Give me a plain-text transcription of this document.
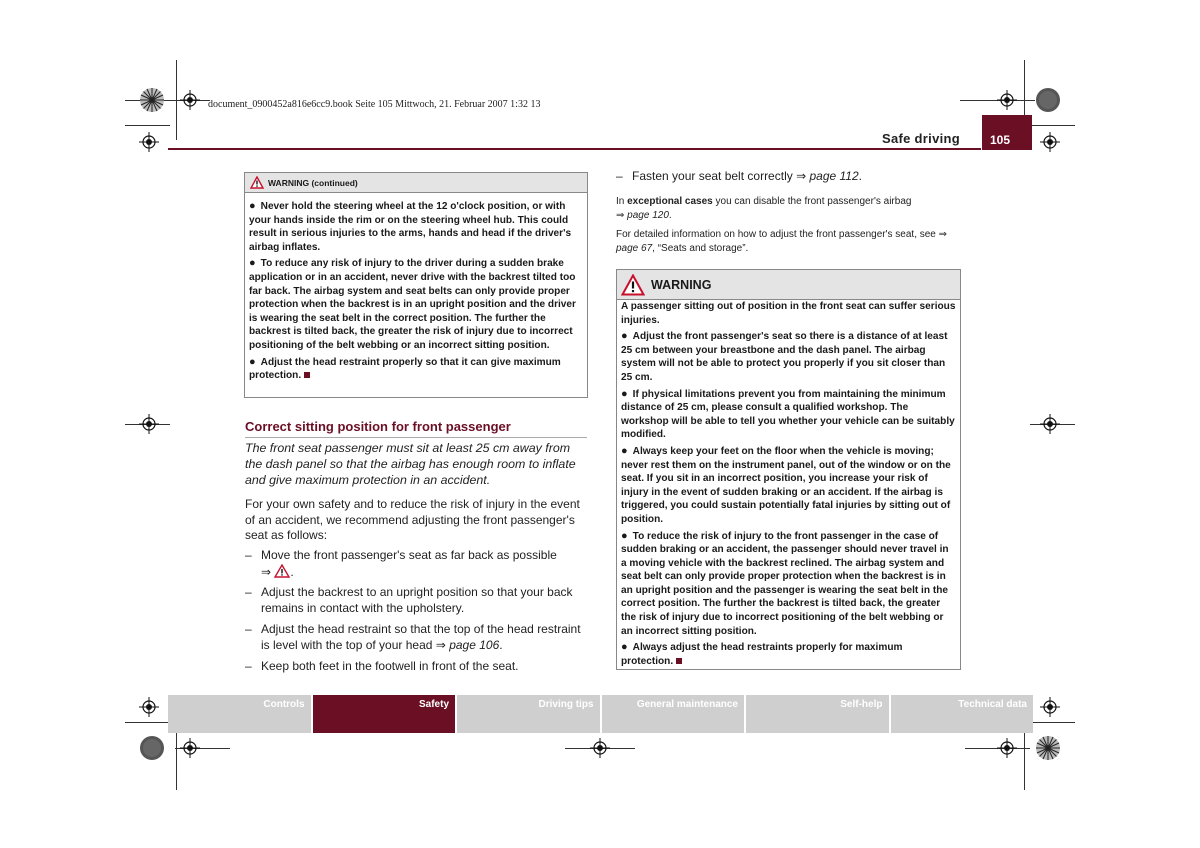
document_0900452a816e6cc9.book Seite 105 Mittwoch, 21. Februar 2007 1:32 13
Safe driving	105
WARNING (continued)

● Never hold the steering wheel at the 12 o'clock position, or with your hands inside the rim or on the steering wheel hub. This could result in serious injuries to the arms, hands and head if the driver's airbag inflates.

● To reduce any risk of injury to the driver during a sudden brake application or in an accident, never drive with the backrest tilted too far back. The airbag system and seat belts can only provide proper protection when the backrest is in an upright position and the driver is wearing the seat belt in the correct position. The further the backrest is tilted back, the greater the risk of injury due to incorrect positioning of the belt webbing or an incorrect sitting position.

● Adjust the head restraint properly so that it can give maximum protection.

Correct sitting position for front passenger
The front seat passenger must sit at least 25 cm away from the dash panel so that the airbag has enough room to inflate and give maximum protection in an accident.
For your own safety and to reduce the risk of injury in the event of an accident, we recommend adjusting the front passenger's seat as follows:
– Move the front passenger's seat as far back as possible
⇒ .
– Adjust the backrest to an upright position so that your back remains in contact with the upholstery.
– Adjust the head restraint so that the top of the head restraint is level with the top of your head ⇒ page 106.
– Keep both feet in the footwell in front of the seat.
– Fasten your seat belt correctly ⇒ page 112.
In exceptional cases you can disable the front passenger's airbag
⇒ page 120.
For detailed information on how to adjust the front passenger's seat, see ⇒ page 67, “Seats and storage”.
WARNING

A passenger sitting out of position in the front seat can suffer serious injuries.

● Adjust the front passenger's seat so there is a distance of at least 25 cm between your breastbone and the dash panel. The airbag system will not be able to protect you properly if you sit closer than 25 cm.

● If physical limitations prevent you from maintaining the minimum distance of 25 cm, please consult a qualified workshop. The workshop will be able to tell you whether your vehicle can be suitably modified.

● Always keep your feet on the floor when the vehicle is moving; never rest them on the instrument panel, out of the window or on the seat. If you sit in an incorrect position, you increase your risk of injury in the event of sudden braking or an accident. If the airbag is triggered, you could sustain potentially fatal injuries by sitting out of position.

● To reduce the risk of injury to the front passenger in the case of sudden braking or an accident, the passenger should never travel in a moving vehicle with the backrest reclined. The airbag system and seat belt can only provide proper protection when the backrest is in an upright position and the passenger is wearing the seat belt in the correct position. The further the backrest is tilted back, the greater the risk of injury due to incorrect positioning of the belt webbing or an incorrect sitting position.

● Always adjust the head restraints properly for maximum protection.

Controls	Safety	Driving tips	General maintenance	Self-help	Technical data
